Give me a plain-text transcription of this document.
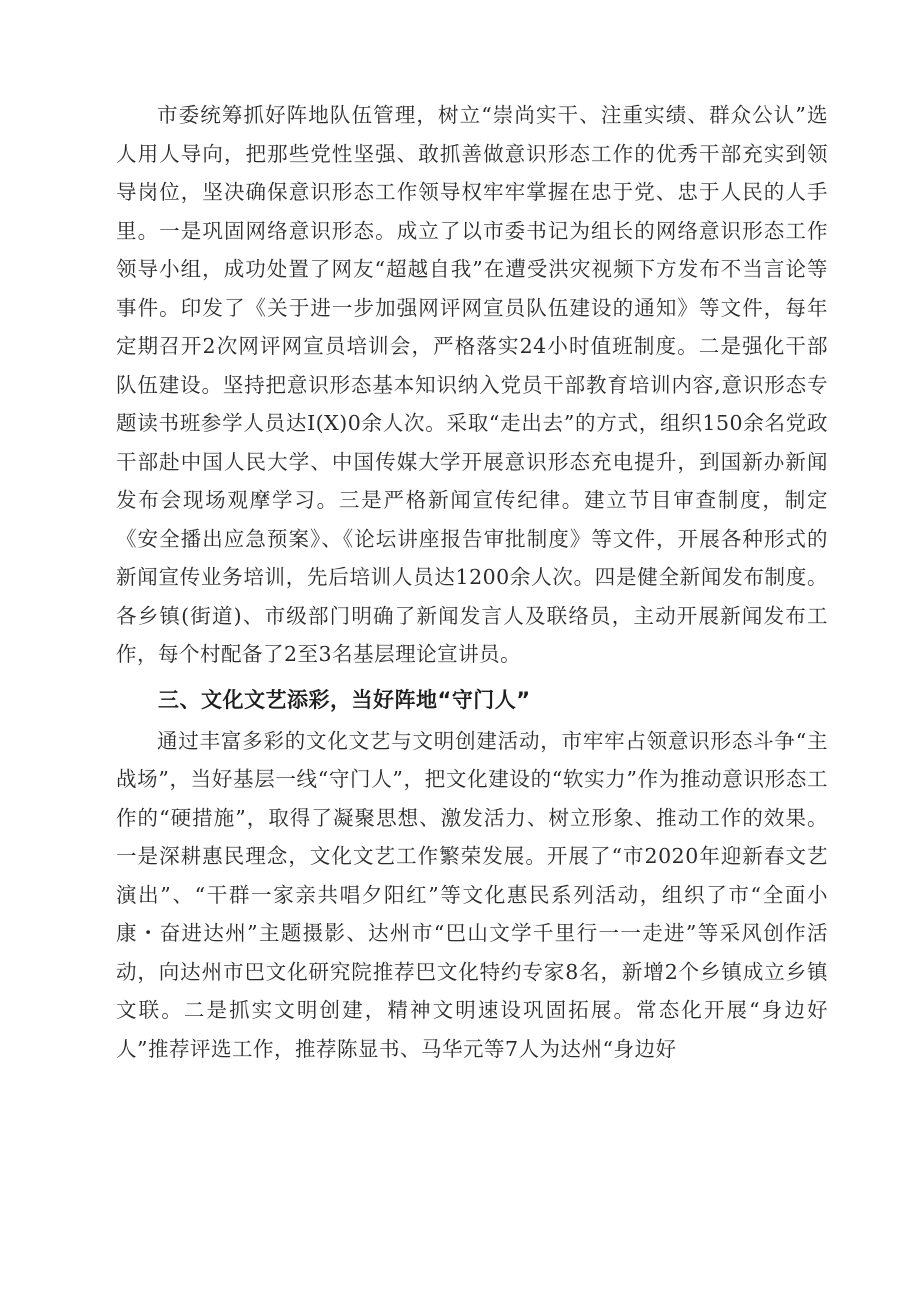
市委统筹抓好阵地队伍管理，树立“崇尚实干、注重实绩、群众公认”选人用人导向，把那些党性坚强、敢抓善做意识形态工作的优秀干部充实到领导岗位，坚决确保意识形态工作领导权牢牢掌握在忠于党、忠于人民的人手里。一是巩固网络意识形态。成立了以市委书记为组长的网络意识形态工作领导小组，成功处置了网友“超越自我”在遭受洪灾视频下方发布不当言论等事件。印发了《关于进一步加强网评网宣员队伍建设的通知》等文件，每年定期召开2次网评网宣员培训会，严格落实24小时值班制度。二是强化干部队伍建设。坚持把意识形态基本知识纳入党员干部教育培训内容,意识形态专题读书班参学人员达I(X)0余人次。采取“走出去”的方式，组织150余名党政干部赴中国人民大学、中国传媒大学开展意识形态充电提升，到国新办新闻发布会现场观摩学习。三是严格新闻宣传纪律。建立节目审查制度，制定《安全播出应急预案》、《论坛讲座报告审批制度》等文件，开展各种形式的新闻宣传业务培训，先后培训人员达1200余人次。四是健全新闻发布制度。各乡镇(街道)、市级部门明确了新闻发言人及联络员，主动开展新闻发布工作，每个村配备了2至3名基层理论宣讲员。

三、文化文艺添彩，当好阵地“守门人”

通过丰富多彩的文化文艺与文明创建活动，市牢牢占领意识形态斗争“主战场”，当好基层一线“守门人”，把文化建设的“软实力”作为推动意识形态工作的“硬措施”，取得了凝聚思想、激发活力、树立形象、推动工作的效果。一是深耕惠民理念，文化文艺工作繁荣发展。开展了“市2020年迎新春文艺演出”、“干群一家亲共唱夕阳红”等文化惠民系列活动，组织了市“全面小康・奋进达州”主题摄影、达州市“巴山文学千里行一一走进”等采风创作活动，向达州市巴文化研究院推荐巴文化特约专家8名，新增2个乡镇成立乡镇文联。二是抓实文明创建，精神文明速设巩固拓展。常态化开展“身边好人”推荐评选工作，推荐陈显书、马华元等7人为达州“身边好
